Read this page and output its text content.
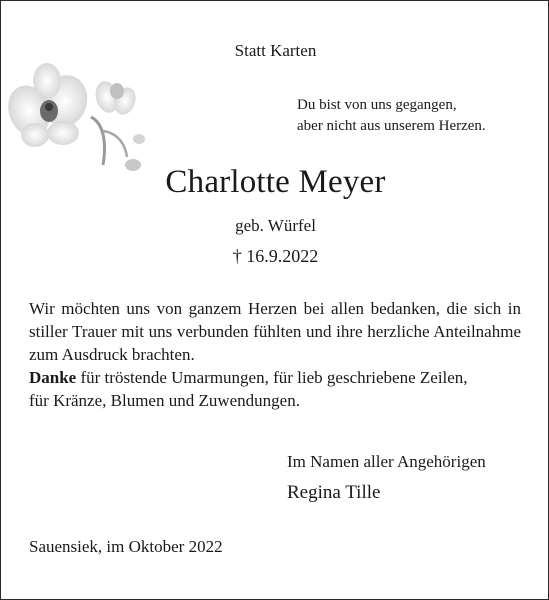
Statt Karten
Du bist von uns gegangen,
aber nicht aus unserem Herzen.
Charlotte Meyer
geb. Würfel
† 16.9.2022

Wir möchten uns von ganzem Herzen bei allen bedanken, die sich in stiller Trauer mit uns verbunden fühlten und ihre herzliche Anteilnahme zum Ausdruck brachten.

Danke für tröstende Umarmungen, für lieb geschriebene Zeilen,

für Kränze, Blumen und Zuwendungen.

Im Namen aller Angehörigen
Regina Tille
Sauensiek, im Oktober 2022
